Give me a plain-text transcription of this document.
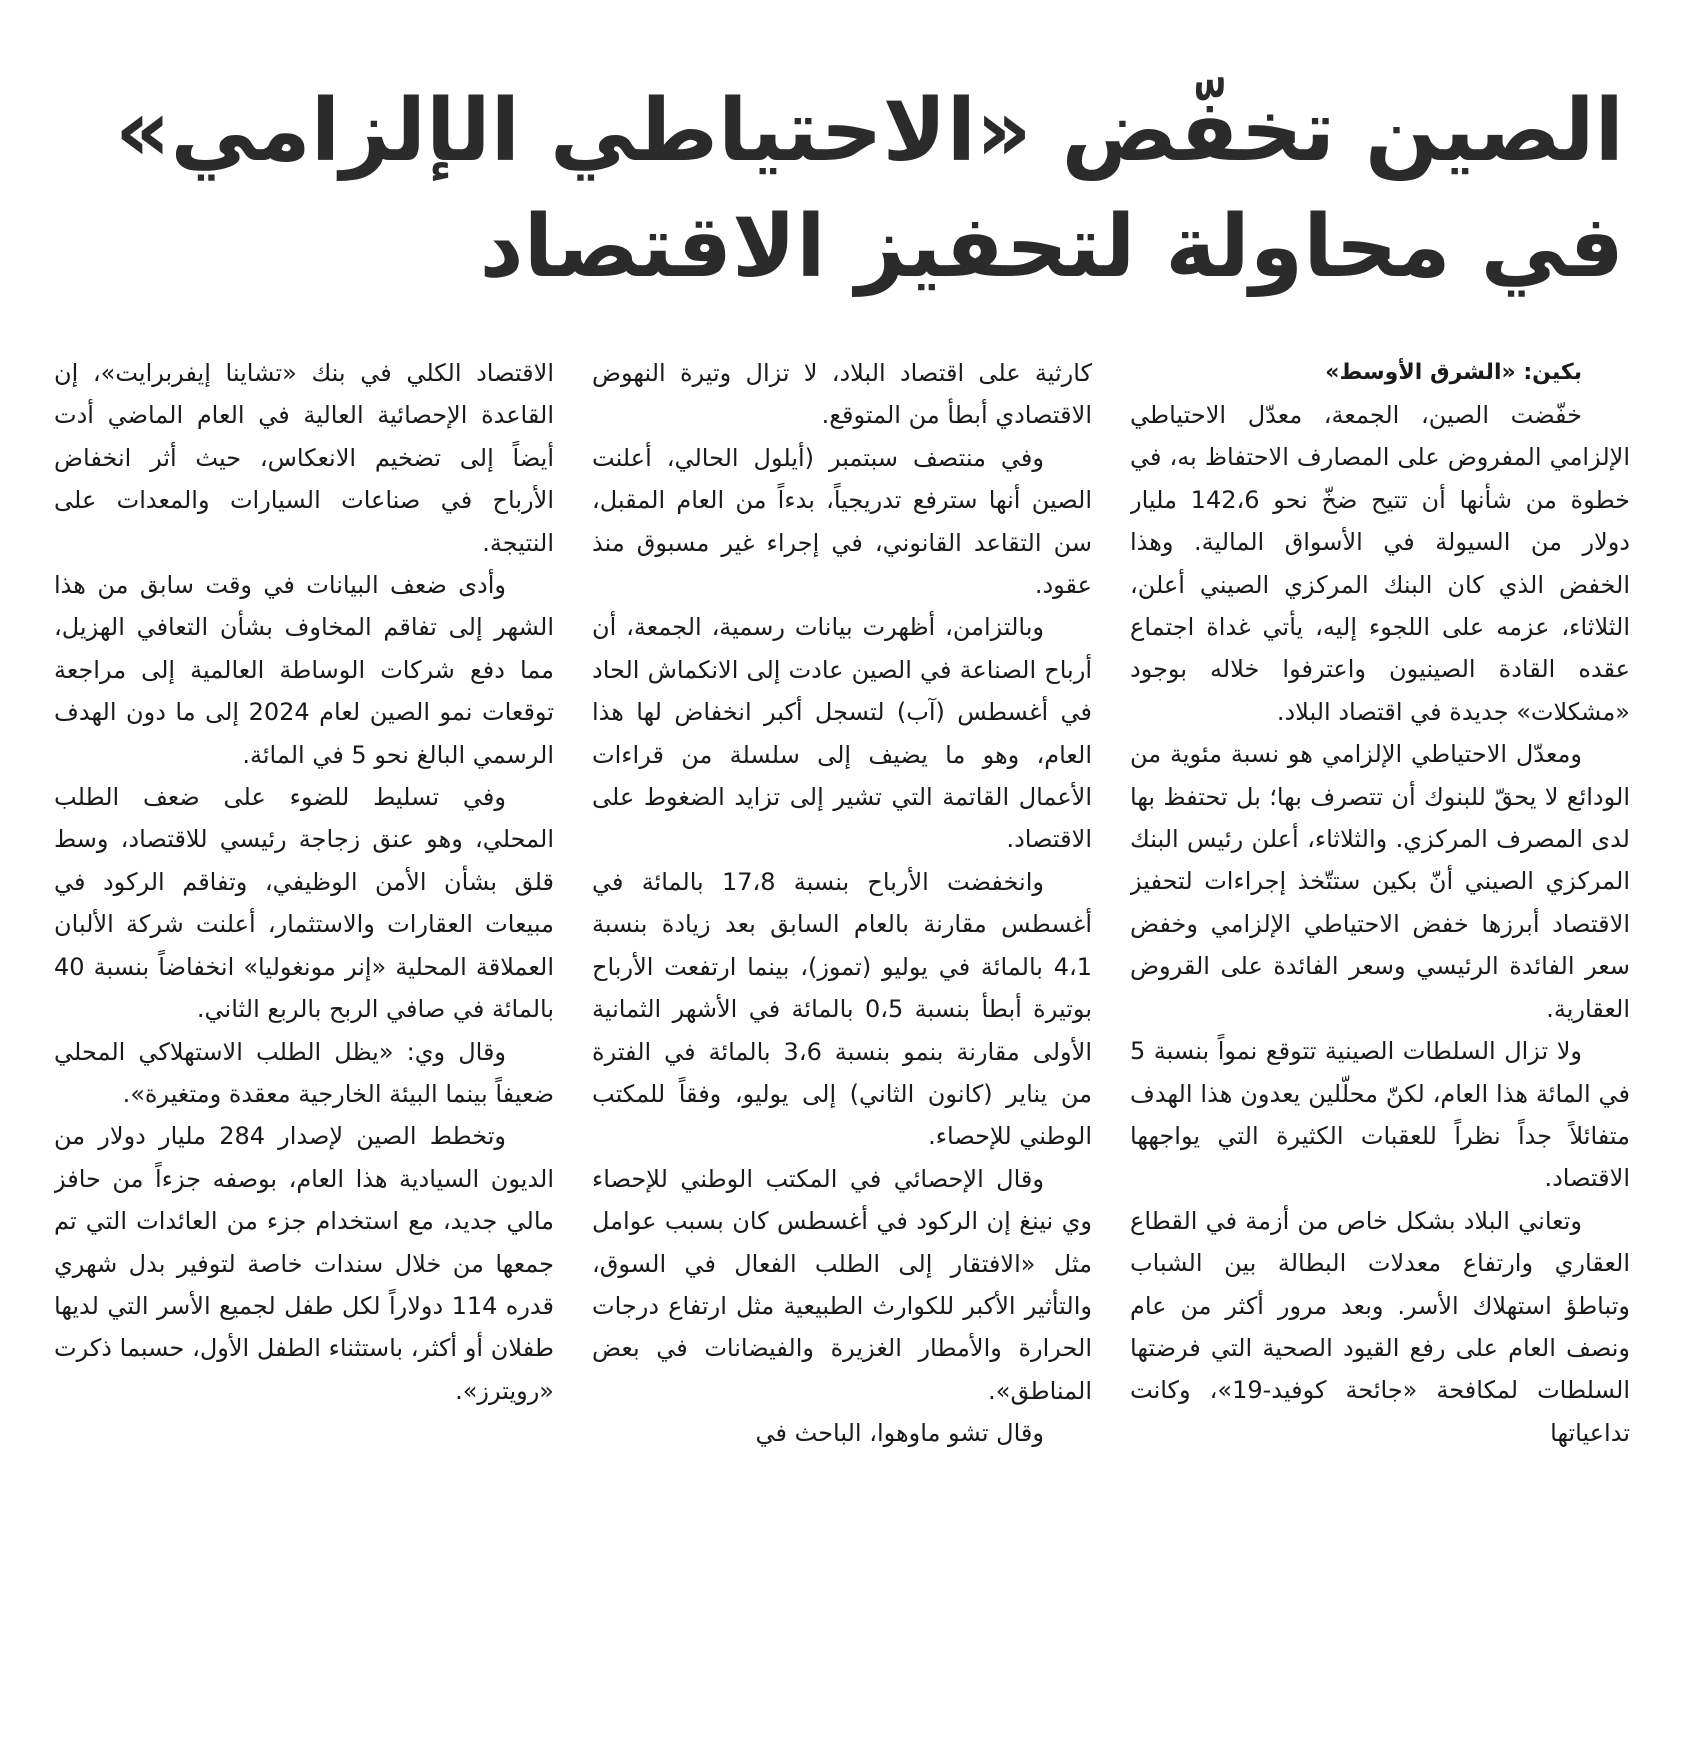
الصين تخفّض «الاحتياطي الإلزامي»
في محاولة لتحفيز الاقتصاد

بكين: «الشرق الأوسط»

خفّضت الصين، الجمعة، معدّل الاحتياطي الإلزامي المفروض على المصارف الاحتفاظ به، في خطوة من شأنها أن تتيح ضخّ نحو 142،6 مليار دولار من السيولة في الأسواق المالية. وهذا الخفض الذي كان البنك المركزي الصيني أعلن، الثلاثاء، عزمه على اللجوء إليه، يأتي غداة اجتماع عقده القادة الصينيون واعترفوا خلاله بوجود «مشكلات» جديدة في اقتصاد البلاد.

ومعدّل الاحتياطي الإلزامي هو نسبة مئوية من الودائع لا يحقّ للبنوك أن تتصرف بها؛ بل تحتفظ بها لدى المصرف المركزي. والثلاثاء، أعلن رئيس البنك المركزي الصيني أنّ بكين ستتّخذ إجراءات لتحفيز الاقتصاد أبرزها خفض الاحتياطي الإلزامي وخفض سعر الفائدة الرئيسي وسعر الفائدة على القروض العقارية.

ولا تزال السلطات الصينية تتوقع نمواً بنسبة 5 في المائة هذا العام، لكنّ محلّلين يعدون هذا الهدف متفائلاً جداً نظراً للعقبات الكثيرة التي يواجهها الاقتصاد.

وتعاني البلاد بشكل خاص من أزمة في القطاع العقاري وارتفاع معدلات البطالة بين الشباب وتباطؤ استهلاك الأسر. وبعد مرور أكثر من عام ونصف العام على رفع القيود الصحية التي فرضتها السلطات لمكافحة «جائحة كوفيد-19»، وكانت تداعياتها

كارثية على اقتصاد البلاد، لا تزال وتيرة النهوض الاقتصادي أبطأ من المتوقع.

وفي منتصف سبتمبر (أيلول الحالي، أعلنت الصين أنها سترفع تدريجياً، بدءاً من العام المقبل، سن التقاعد القانوني، في إجراء غير مسبوق منذ عقود.

وبالتزامن، أظهرت بيانات رسمية، الجمعة، أن أرباح الصناعة في الصين عادت إلى الانكماش الحاد في أغسطس (آب) لتسجل أكبر انخفاض لها هذا العام، وهو ما يضيف إلى سلسلة من قراءات الأعمال القاتمة التي تشير إلى تزايد الضغوط على الاقتصاد.

وانخفضت الأرباح بنسبة 17،8 بالمائة في أغسطس مقارنة بالعام السابق بعد زيادة بنسبة 4،1 بالمائة في يوليو (تموز)، بينما ارتفعت الأرباح بوتيرة أبطأ بنسبة 0،5 بالمائة في الأشهر الثمانية الأولى مقارنة بنمو بنسبة 3،6 بالمائة في الفترة من يناير (كانون الثاني) إلى يوليو، وفقاً للمكتب الوطني للإحصاء.

وقال الإحصائي في المكتب الوطني للإحصاء وي نينغ إن الركود في أغسطس كان بسبب عوامل مثل «الافتقار إلى الطلب الفعال في السوق، والتأثير الأكبر للكوارث الطبيعية مثل ارتفاع درجات الحرارة والأمطار الغزيرة والفيضانات في بعض المناطق».

وقال تشو ماوهوا، الباحث في

الاقتصاد الكلي في بنك «تشاينا إيفربرايت»، إن القاعدة الإحصائية العالية في العام الماضي أدت أيضاً إلى تضخيم الانعكاس، حيث أثر انخفاض الأرباح في صناعات السيارات والمعدات على النتيجة.

وأدى ضعف البيانات في وقت سابق من هذا الشهر إلى تفاقم المخاوف بشأن التعافي الهزيل، مما دفع شركات الوساطة العالمية إلى مراجعة توقعات نمو الصين لعام 2024 إلى ما دون الهدف الرسمي البالغ نحو 5 في المائة.

وفي تسليط للضوء على ضعف الطلب المحلي، وهو عنق زجاجة رئيسي للاقتصاد، وسط قلق بشأن الأمن الوظيفي، وتفاقم الركود في مبيعات العقارات والاستثمار، أعلنت شركة الألبان العملاقة المحلية «إنر مونغوليا» انخفاضاً بنسبة 40 بالمائة في صافي الربح بالربع الثاني.

وقال وي: «يظل الطلب الاستهلاكي المحلي ضعيفاً بينما البيئة الخارجية معقدة ومتغيرة».

وتخطط الصين لإصدار 284 مليار دولار من الديون السيادية هذا العام، بوصفه جزءاً من حافز مالي جديد، مع استخدام جزء من العائدات التي تم جمعها من خلال سندات خاصة لتوفير بدل شهري قدره 114 دولاراً لكل طفل لجميع الأسر التي لديها طفلان أو أكثر، باستثناء الطفل الأول، حسبما ذكرت «رويترز».
